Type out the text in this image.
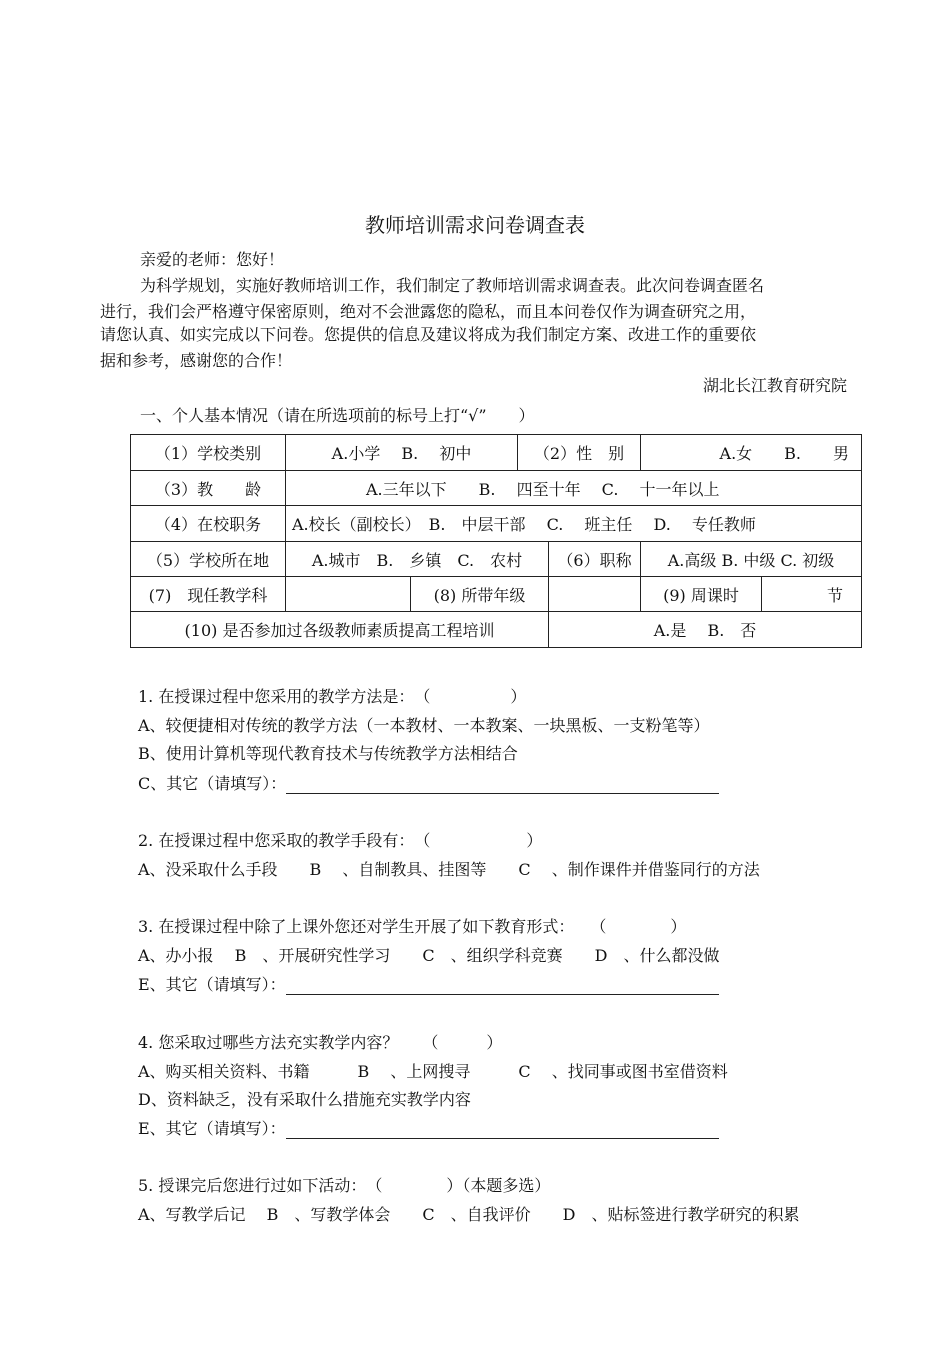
教师培训需求问卷调查表
亲爱的老师：您好！
为科学规划，实施好教师培训工作，我们制定了教师培训需求调查表。此次问卷调查匿名
进行，我们会严格遵守保密原则，绝对不会泄露您的隐私，而且本问卷仅作为调查研究之用，
请您认真、如实完成以下问卷。您提供的信息及建议将成为我们制定方案、改进工作的重要依
据和参考，感谢您的合作！
湖北长江教育研究院
一、个人基本情况（请在所选项前的标号上打“√”　　）
（1）学校类别	A.小学　 B.　 初中		（2）性　别		A.女　　B.　　男	
（3）教　　龄	A.三年以下　　B.　 四至十年　 C.　 十一年以上					
（4）在校职务	A.校长（副校长）　B.　中层干部　 C.　 班主任　 D.　 专任教师					
（5）学校所在地	A.城市　B.　乡镇　C.　农村			（6）职称	A.高级 B. 中级 C. 初级	
(7)　现任教学科		(8) 所带年级			(9) 周课时	节
(10) 是否参加过各级教师素质提高工程培训				A.是　 B.　否		
1. 在授课过程中您采用的教学方法是：　（　　　　　）
A、较便捷相对传统的教学方法（一本教材、一本教案、一块黑板、一支粉笔等）
B、使用计算机等现代教育技术与传统教学方法相结合
C、其它（请填写）：
2. 在授课过程中您采取的教学手段有：　（　　　　　　）
A、没采取什么手段　　B　 、自制教具、挂图等　　C　 、制作课件并借鉴同行的方法
3. 在授课过程中除了上课外您还对学生开展了如下教育形式：　　（　　　　）
A、办小报　 B　、开展研究性学习　　C　、组织学科竞赛　　D　、什么都没做
E、其它（请填写）：
4. 您采取过哪些方法充实教学内容？　　（　　　）
A、购买相关资料、书籍　　　B　 、上网搜寻　　　C　 、找同事或图书室借资料
D、资料缺乏，没有采取什么措施充实教学内容
E、其它（请填写）：
5. 授课完后您进行过如下活动：　（　　　　）（本题多选）
A、写教学后记　 B　、写教学体会　　C　、自我评价　　D　、贴标签进行教学研究的积累
